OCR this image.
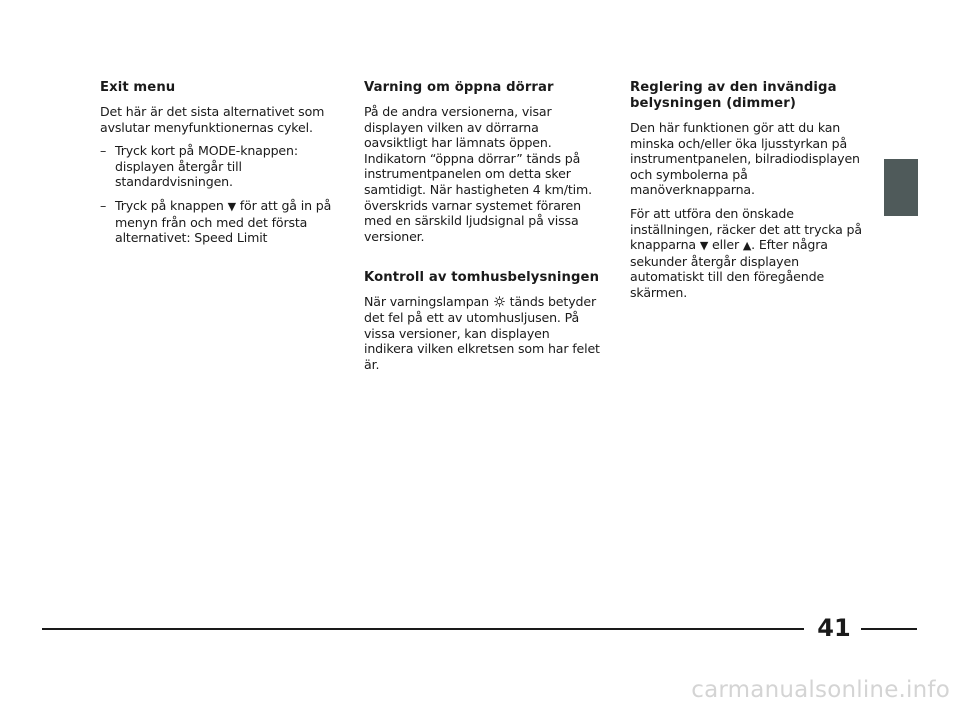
Exit menu
Det här är det sista alternativet som avslutar menyfunktionernas cykel.
– Tryck kort på MODE-knappen: displayen återgår till standardvisningen.
– Tryck på knappen ▼ för att gå in på menyn från och med det första alternativet: Speed Limit
Varning om öppna dörrar
På de andra versionerna, visar displayen vilken av dörrarna oavsiktligt har lämnats öppen. Indikatorn “öppna dörrar” tänds på instrumentpanelen om detta sker samtidigt. När hastigheten 4 km/tim. överskrids varnar systemet föraren med en särskild ljudsignal på vissa versioner.
Kontroll av tomhusbelysningen
När varningslampan tänds betyder det fel på ett av utomhusljusen. På vissa versioner, kan displayen indikera vilken elkretsen som har felet är.
Reglering av den invändiga belysningen (dimmer)
Den här funktionen gör att du kan minska och/eller öka ljusstyrkan på instrumentpanelen, bilradiodisplayen och symbolerna på manöverknapparna.
För att utföra den önskade inställningen, räcker det att trycka på knapparna ▼ eller ▲. Efter några sekunder återgår displayen automatiskt till den föregående skärmen.
41
carmanualsonline.info
